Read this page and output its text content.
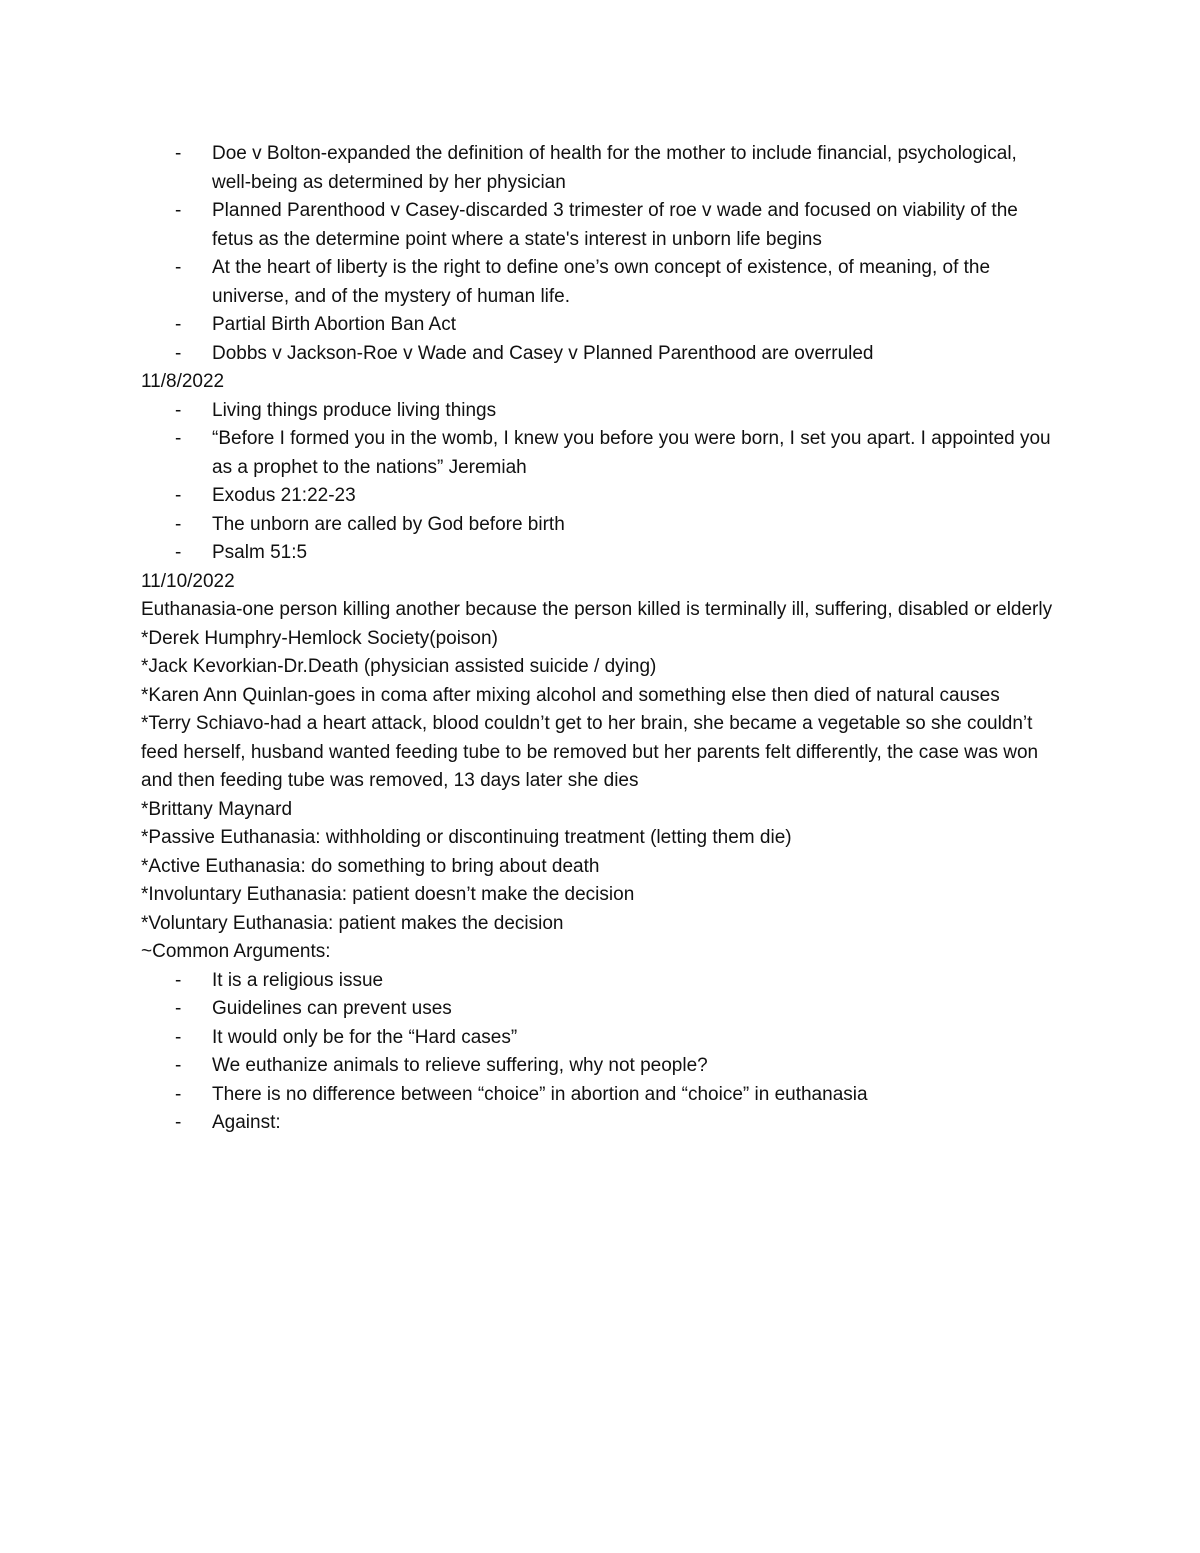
- Doe v Bolton-expanded the definition of health for the mother to include financial, psychological, well-being as determined by her physician
- Planned Parenthood v Casey-discarded 3 trimester of roe v wade and focused on viability of the fetus as the determine point where a state's interest in unborn life begins
- At the heart of liberty is the right to define one’s own concept of existence, of meaning, of the universe, and of the mystery of human life.
- Partial Birth Abortion Ban Act
- Dobbs v Jackson-Roe v Wade and Casey v Planned Parenthood are overruled

11/8/2022

- Living things produce living things
- “Before I formed you in the womb, I knew you before you were born, I set you apart. I appointed you as a prophet to the nations” Jeremiah
- Exodus 21:22-23
- The unborn are called by God before birth
- Psalm 51:5

11/10/2022

Euthanasia-one person killing another because the person killed is terminally ill, suffering, disabled or elderly

*Derek Humphry-Hemlock Society(poison)

*Jack Kevorkian-Dr.Death (physician assisted suicide / dying)

*Karen Ann Quinlan-goes in coma after mixing alcohol and something else then died of natural causes

*Terry Schiavo-had a heart attack, blood couldn’t get to her brain, she became a vegetable so she couldn’t feed herself, husband wanted feeding tube to be removed but her parents felt differently, the case was won and then feeding tube was removed, 13 days later she dies

*Brittany Maynard

*Passive Euthanasia: withholding or discontinuing treatment (letting them die)

*Active Euthanasia: do something to bring about death

*Involuntary Euthanasia: patient doesn’t make the decision

*Voluntary Euthanasia: patient makes the decision

~Common Arguments:

- It is a religious issue
- Guidelines can prevent uses
- It would only be for the “Hard cases”
- We euthanize animals to relieve suffering, why not people?
- There is no difference between “choice” in abortion and “choice” in euthanasia
- Against:
